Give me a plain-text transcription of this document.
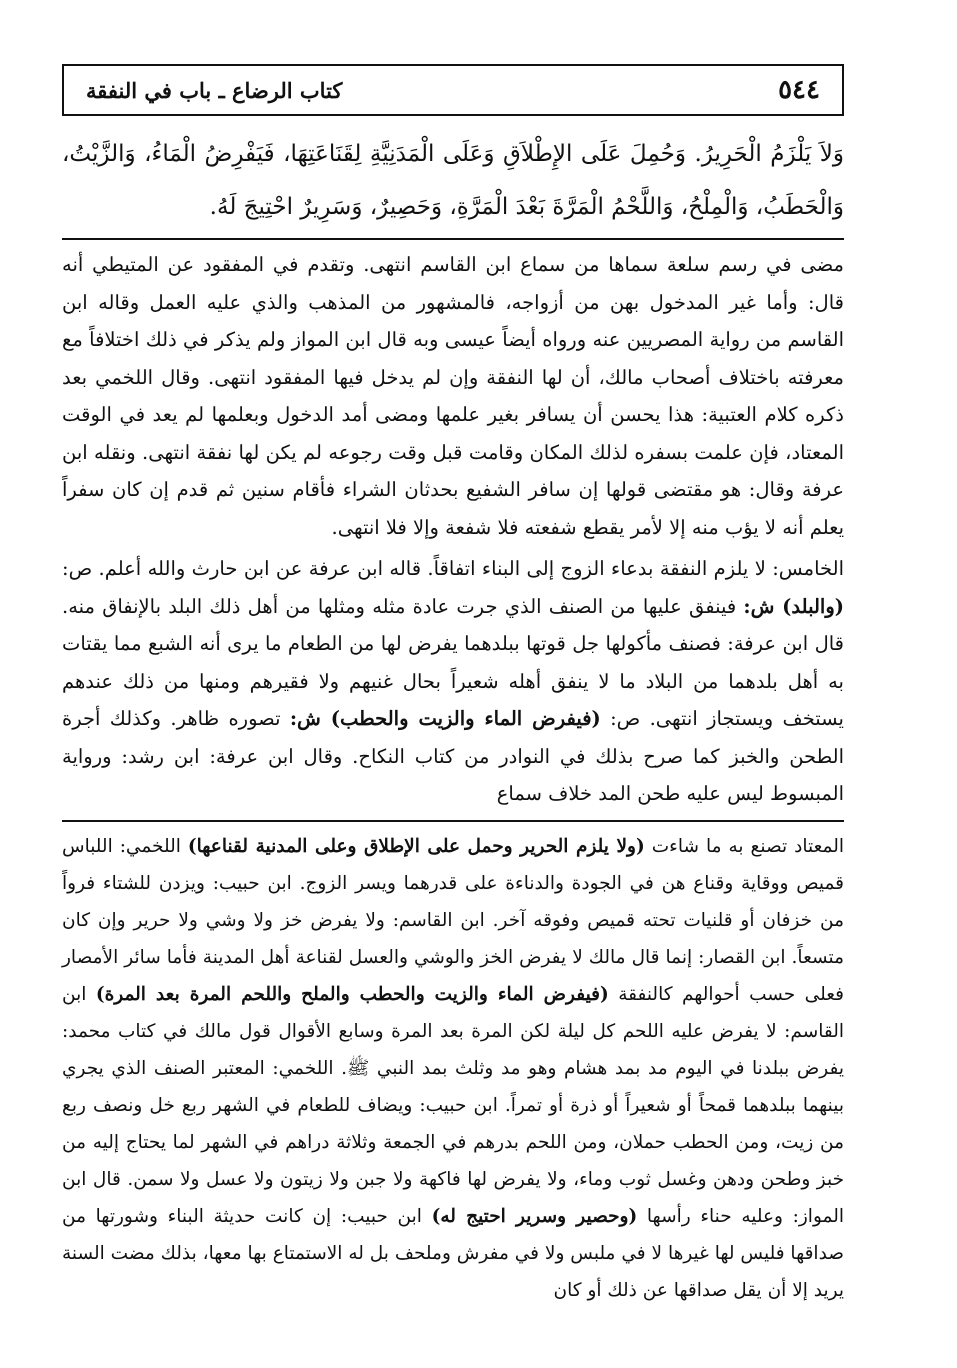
٥٤٤
كتاب الرضاع ـ باب في النفقة

وَلاَ يَلْزَمُ الْحَرِيرُ. وَحُمِلَ عَلَى الإِطْلاَقِ وَعَلَى الْمَدَنِيَّةِ لِقَنَاعَتِهَا، فَيَفْرِضُ الْمَاءُ، وَالزَّيْتُ، وَالْحَطَبُ، وَالْمِلْحُ، وَاللَّحْمُ الْمَرَّةَ بَعْدَ الْمَرَّةِ، وَحَصِيرٌ، وَسَرِيرٌ احْتِيجَ لَهُ.

مضى في رسم سلعة سماها من سماع ابن القاسم انتهى. وتقدم في المفقود عن المتيطي أنه قال: وأما غير المدخول بهن من أزواجه، فالمشهور من المذهب والذي عليه العمل وقاله ابن القاسم من رواية المصريين عنه ورواه أيضاً عيسى وبه قال ابن المواز ولم يذكر في ذلك اختلافاً مع معرفته باختلاف أصحاب مالك، أن لها النفقة وإن لم يدخل فيها المفقود انتهى. وقال اللخمي بعد ذكره كلام العتبية: هذا يحسن أن يسافر بغير علمها ومضى أمد الدخول وبعلمها لم يعد في الوقت المعتاد، فإن علمت بسفره لذلك المكان وقامت قبل وقت رجوعه لم يكن لها نفقة انتهى. ونقله ابن عرفة وقال: هو مقتضى قولها إن سافر الشفيع بحدثان الشراء فأقام سنين ثم قدم إن كان سفراً يعلم أنه لا يؤب منه إلا لأمر يقطع شفعته فلا شفعة وإلا فلا انتهى.

الخامس: لا يلزم النفقة بدعاء الزوج إلى البناء اتفاقاً. قاله ابن عرفة عن ابن حارث والله أعلم. ص: (والبلد) ش: فينفق عليها من الصنف الذي جرت عادة مثله ومثلها من أهل ذلك البلد بالإنفاق منه. قال ابن عرفة: فصنف مأكولها جل قوتها ببلدهما يفرض لها من الطعام ما يرى أنه الشبع مما يقتات به أهل بلدهما من البلاد ما لا ينفق أهله شعيراً بحال غنيهم ولا فقيرهم ومنها من ذلك عندهم يستخف ويستجاز انتهى. ص: (فيفرض الماء والزيت والحطب) ش: تصوره ظاهر. وكذلك أجرة الطحن والخبز كما صرح بذلك في النوادر من كتاب النكاح. وقال ابن عرفة: ابن رشد: ورواية المبسوط ليس عليه طحن المد خلاف سماع

المعتاد تصنع به ما شاءت (ولا يلزم الحرير وحمل على الإطلاق وعلى المدنية لقناعها) اللخمي: اللباس قميص ووقاية وقناع هن في الجودة والدناءة على قدرهما ويسر الزوج. ابن حبيب: ويزدن للشتاء فرواً من خزفان أو قلنيات تحته قميص وفوقه آخر. ابن القاسم: ولا يفرض خز ولا وشي ولا حرير وإن كان متسعاً. ابن القصار: إنما قال مالك لا يفرض الخز والوشي والعسل لقناعة أهل المدينة فأما سائر الأمصار فعلى حسب أحوالهم كالنفقة (فيفرض الماء والزيت والحطب والملح واللحم المرة بعد المرة) ابن القاسم: لا يفرض عليه اللحم كل ليلة لكن المرة بعد المرة وسابع الأقوال قول مالك في كتاب محمد: يفرض ببلدنا في اليوم مد بمد هشام وهو مد وثلث بمد النبي ﷺ. اللخمي: المعتبر الصنف الذي يجري بينهما ببلدهما قمحاً أو شعيراً أو ذرة أو تمراً. ابن حبيب: ويضاف للطعام في الشهر ربع خل ونصف ربع من زيت، ومن الحطب حملان، ومن اللحم بدرهم في الجمعة وثلاثة دراهم في الشهر لما يحتاج إليه من خبز وطحن ودهن وغسل ثوب وماء، ولا يفرض لها فاكهة ولا جبن ولا زيتون ولا عسل ولا سمن. قال ابن المواز: وعليه حناء رأسها (وحصير وسرير احتيج له) ابن حبيب: إن كانت حديثة البناء وشورتها من صداقها فليس لها غيرها لا في ملبس ولا في مفرش وملحف بل له الاستمتاع بها معها، بذلك مضت السنة يريد إلا أن يقل صداقها عن ذلك أو كان
